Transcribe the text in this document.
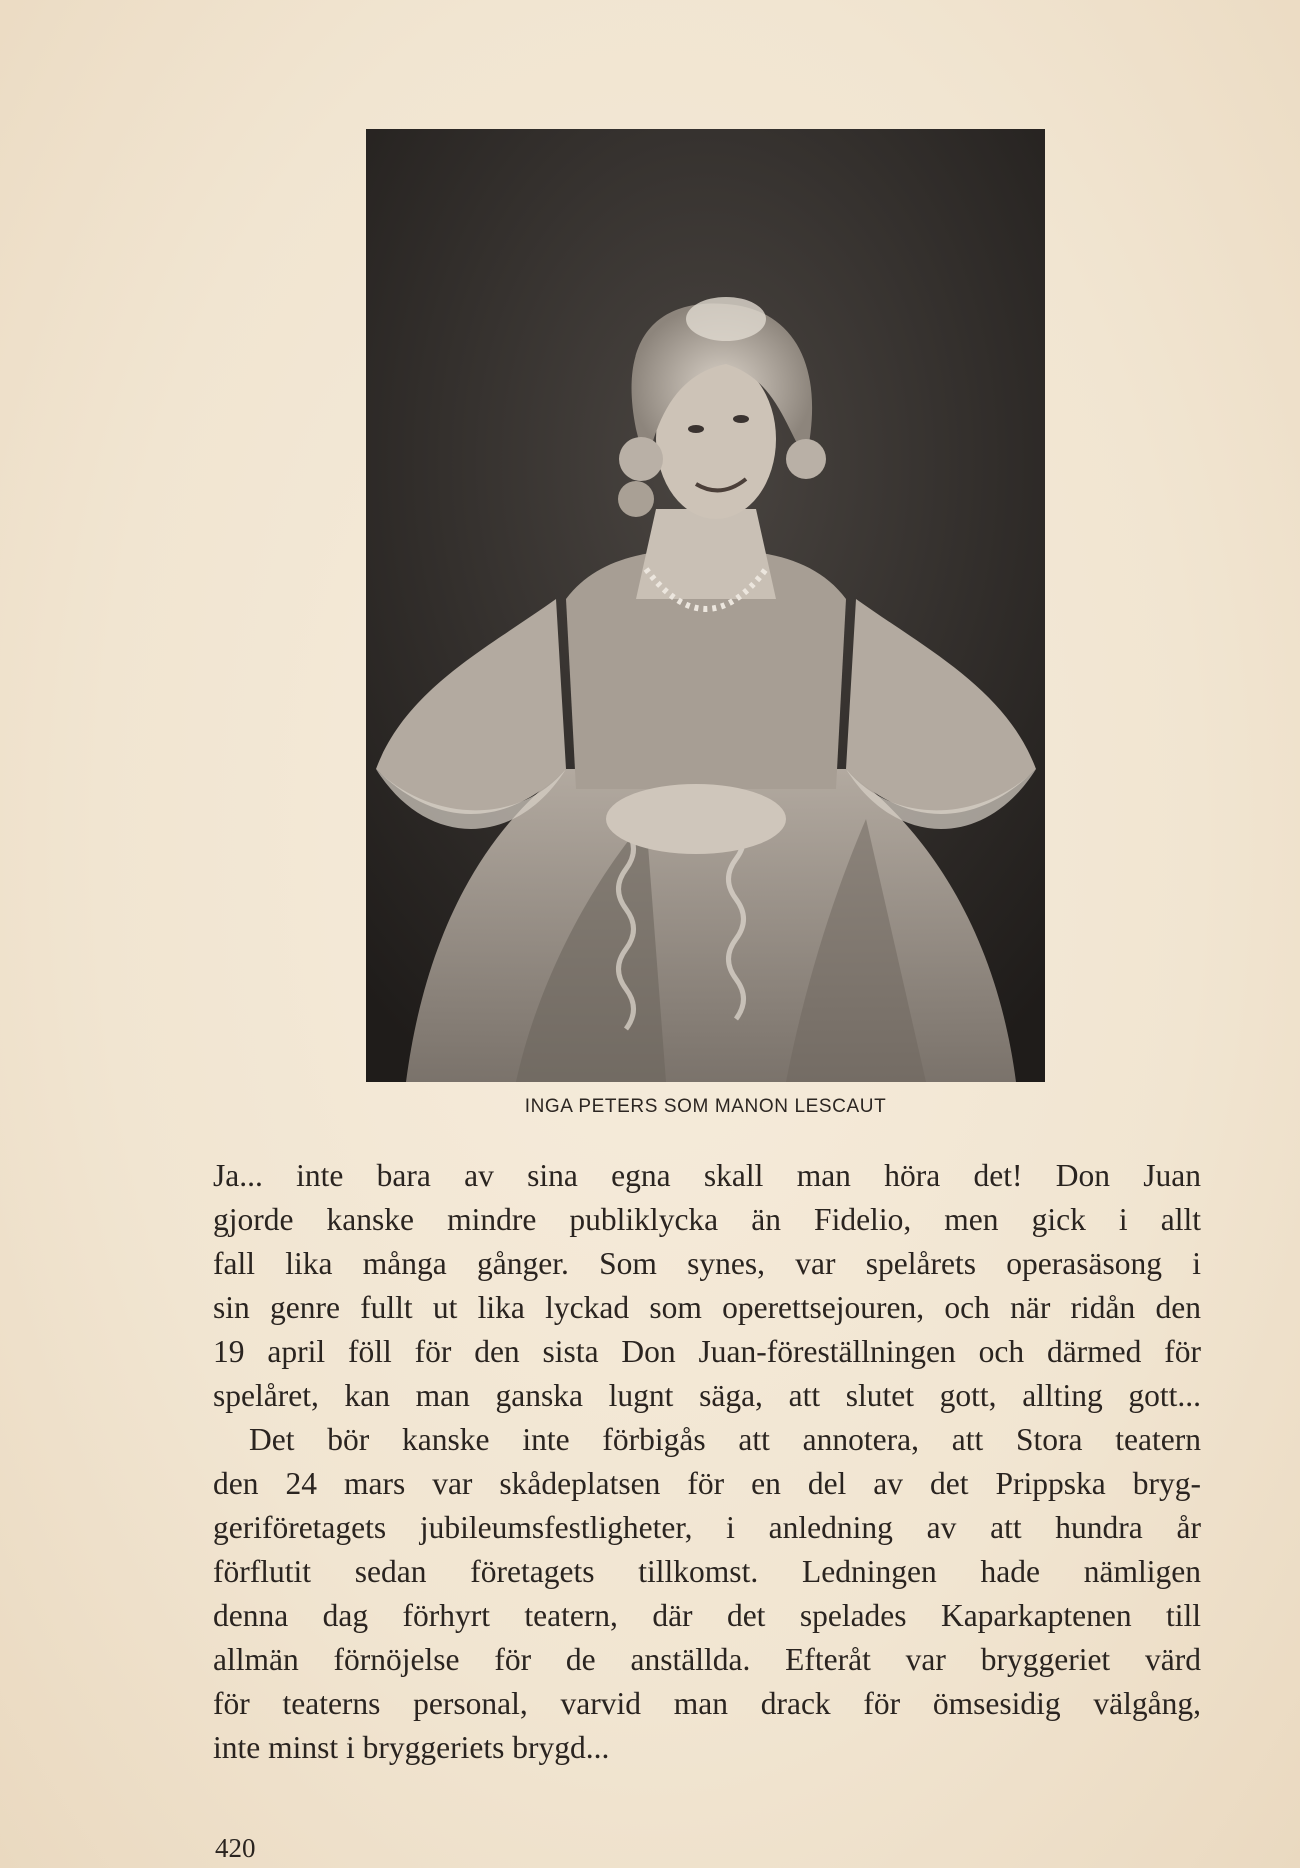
INGA PETERS SOM MANON LESCAUT
Ja... inte bara av sina egna skall man höra det! Don Juan
gjorde kanske mindre publiklycka än Fidelio, men gick i allt
fall lika många gånger. Som synes, var spelårets operasäsong i
sin genre fullt ut lika lyckad som operettsejouren, och när ridån den
19 april föll för den sista Don Juan-föreställningen och därmed för
spelåret, kan man ganska lugnt säga, att slutet gott, allting gott...
Det bör kanske inte förbigås att annotera, att Stora teatern
den 24 mars var skådeplatsen för en del av det Prippska bryg-
geriföretagets jubileumsfestligheter, i anledning av att hundra år
förflutit sedan företagets tillkomst. Ledningen hade nämligen
denna dag förhyrt teatern, där det spelades Kaparkaptenen till
allmän förnöjelse för de anställda. Efteråt var bryggeriet värd
för teaterns personal, varvid man drack för ömsesidig välgång,
inte minst i bryggeriets brygd...
420
